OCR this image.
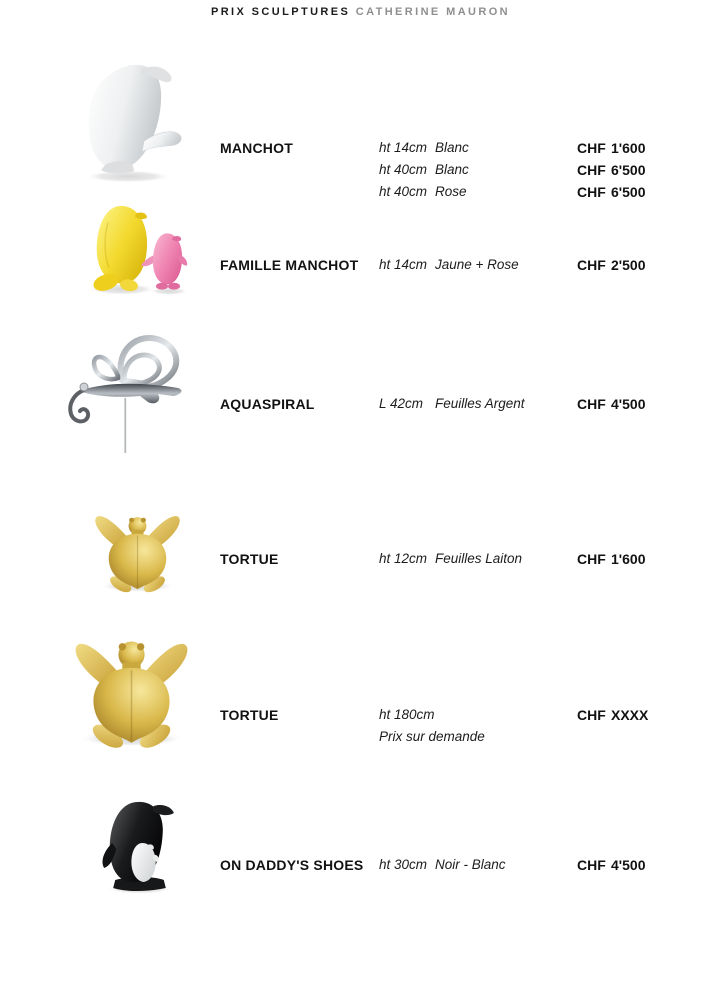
PRIX SCULPTURES CATHERINE MAURON
MANCHOT	ht 14cm Blanc	CHF 1'600
ht 40cm Blanc	CHF 6'500
ht 40cm Rose	CHF 6'500
FAMILLE MANCHOT ht 14cm Jaune + Rose	CHF 2'500
AQUASPIRAL	L 42cm Feuilles Argent	CHF 4'500
TORTUE	ht 12cm Feuilles Laiton	CHF 1'600
TORTUE	ht 180cm	CHF XXXX
Prix sur demande
ON DADDY'S SHOES ht 30cm Noir - Blanc	CHF 4'500
